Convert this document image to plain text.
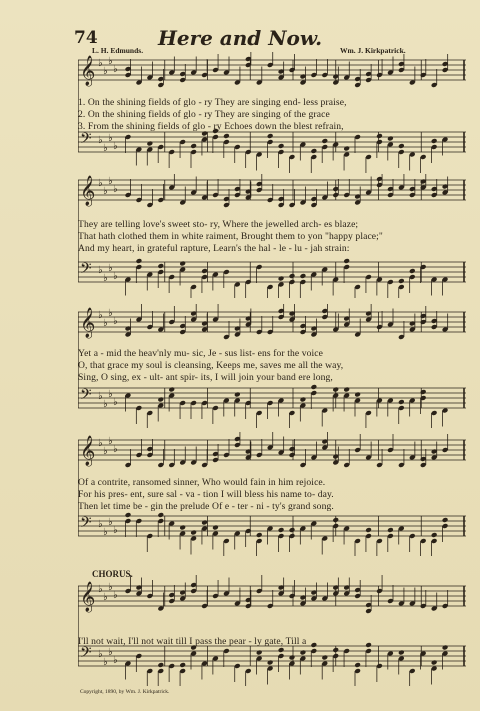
74	Here and Now.
L. H. Edmunds.	Wm. J. Kirkpatrick.
𝄞 ♭
♭
♭
♭
𝄢 ♭
♭
♭
♭
1. On the shining fields of glo - ry They are singing end- less praise,
2. On the shining fields of glo - ry They are singing of the grace
3. From the shining fields of glo - ry Echoes down the blest refrain,
𝄞 ♭
♭
♭
♭
𝄢 ♭
♭
♭
♭
They are telling love's sweet sto- ry, Where the jewelled arch- es blaze;
That hath clothed them in white raiment, Brought them to yon "happy place;"
And my heart, in grateful rapture, Learn's the hal - le - lu - jah strain:
𝄞 ♭
♭
♭
♭
𝄢 ♭
♭
♭
♭
Yet a - mid the heav'nly mu- sic, Je - sus list- ens for the voice
O, that grace my soul is cleansing, Keeps me, saves me all the way,
Sing, O sing, ex - ult- ant spir- its, I will join your band ere long,
𝄞 ♭
♭
♭
♭
𝄢 ♭
♭
♭
♭
Of a contrite, ransomed sinner, Who would fain in him rejoice.
For his pres- ent, sure sal - va - tion I will bless his name to- day.
Then let time be - gin the prelude Of e - ter - ni - ty's grand song.
CHORUS.
𝄞 ♭
♭
♭
♭
𝄢 ♭
♭
♭
♭
I'll not wait, I'll not wait till I pass the pear - ly gate, Till a
Copyright, 1890, by Wm. J. Kirkpatrick.
